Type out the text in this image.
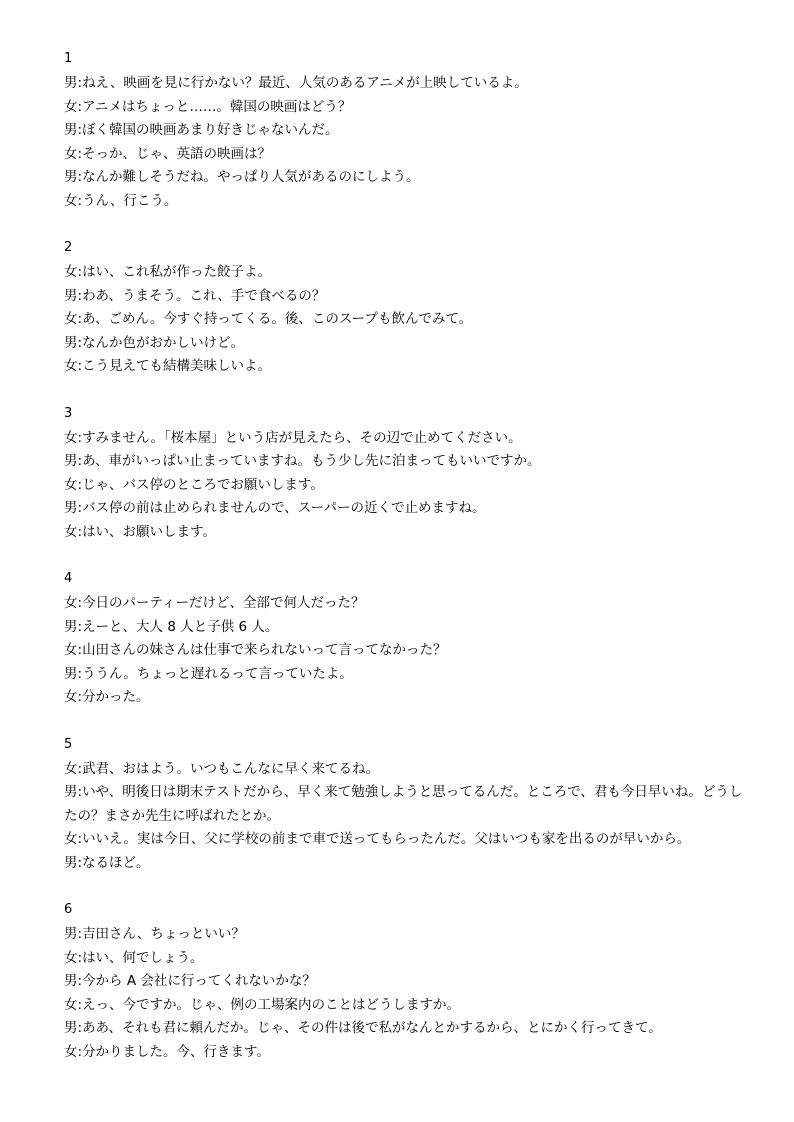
1
男:ねえ、映画を見に行かない？最近、人気のあるアニメが上映しているよ。
女:アニメはちょっと……。韓国の映画はどう？
男:ぼく韓国の映画あまり好きじゃないんだ。
女:そっか、じゃ、英語の映画は？
男:なんか難しそうだね。やっぱり人気があるのにしよう。
女:うん、行こう。
2
女:はい、これ私が作った餃子よ。
男:わあ、うまそう。これ、手で食べるの？
女:あ、ごめん。今すぐ持ってくる。後、このスープも飲んでみて。
男:なんか色がおかしいけど。
女:こう見えても結構美味しいよ。
3
女:すみません。「桜本屋」という店が見えたら、その辺で止めてください。
男:あ、車がいっぱい止まっていますね。もう少し先に泊まってもいいですか。
女:じゃ、バス停のところでお願いします。
男:バス停の前は止められませんので、スーパーの近くで止めますね。
女:はい、お願いします。
4
女:今日のパーティーだけど、全部で何人だった？
男:えーと、大人 8 人と子供 6 人。
女:山田さんの妹さんは仕事で来られないって言ってなかった？
男:ううん。ちょっと遅れるって言っていたよ。
女:分かった。
5
女:武君、おはよう。いつもこんなに早く来てるね。
男:いや、明後日は期末テストだから、早く来て勉強しようと思ってるんだ。ところで、君も今日早いね。どうしたの？まさか先生に呼ばれたとか。
女:いいえ。実は今日、父に学校の前まで車で送ってもらったんだ。父はいつも家を出るのが早いから。
男:なるほど。
6
男:吉田さん、ちょっといい？
女:はい、何でしょう。
男:今から A 会社に行ってくれないかな？
女:えっ、今ですか。じゃ、例の工場案内のことはどうしますか。
男:ああ、それも君に頼んだか。じゃ、その件は後で私がなんとかするから、とにかく行ってきて。
女:分かりました。今、行きます。
